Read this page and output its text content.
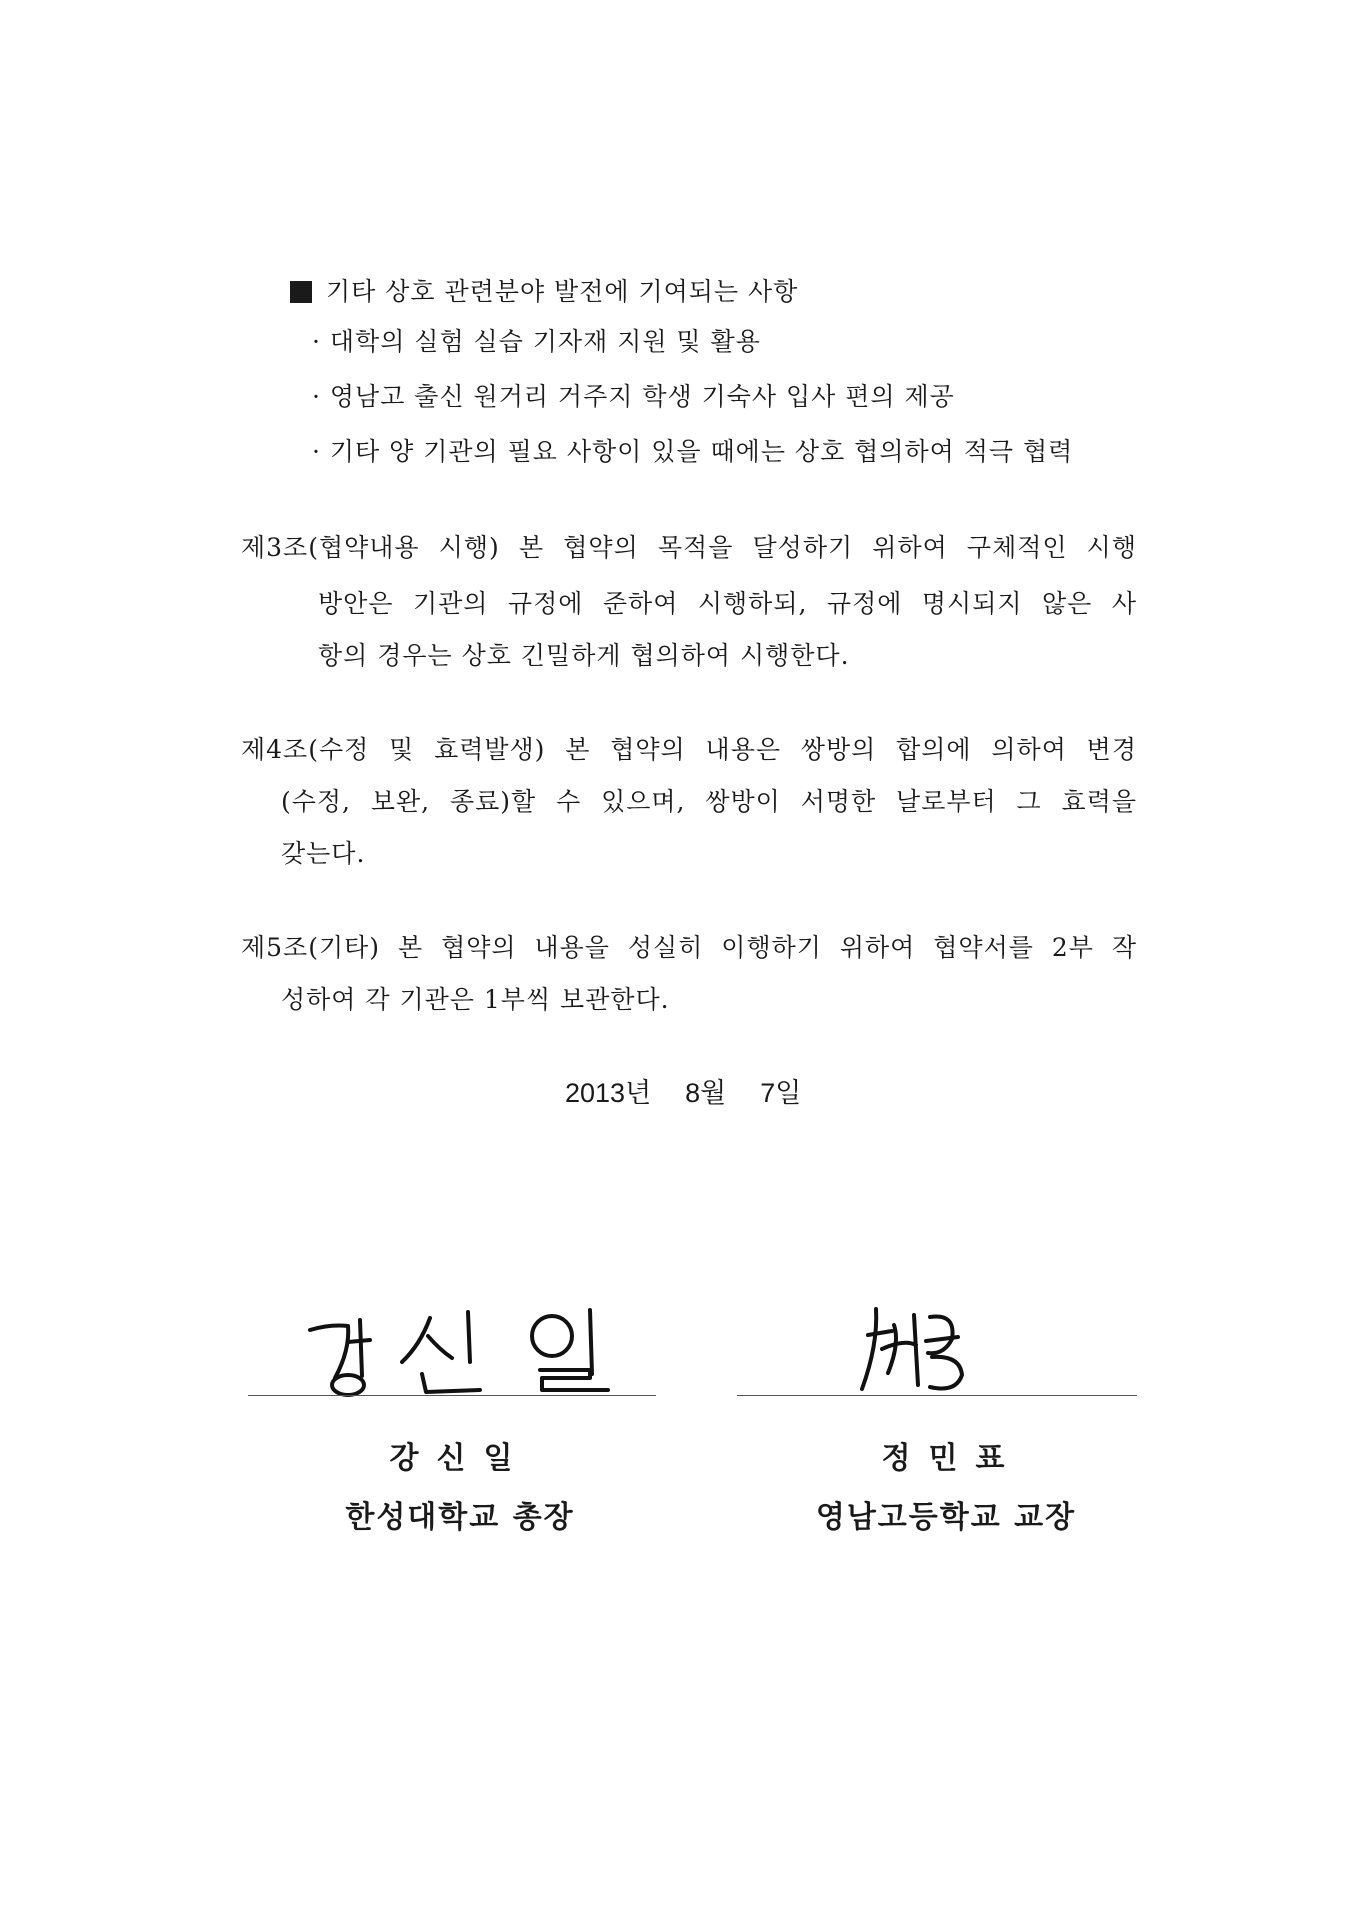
기타 상호 관련분야 발전에 기여되는 사항
· 대학의 실험 실습 기자재 지원 및 활용
· 영남고 출신 원거리 거주지 학생 기숙사 입사 편의 제공
· 기타 양 기관의 필요 사항이 있을 때에는 상호 협의하여 적극 협력
제3조(협약내용 시행) 본 협약의 목적을 달성하기 위하여 구체적인 시행
방안은 기관의 규정에 준하여 시행하되, 규정에 명시되지 않은 사
항의 경우는 상호 긴밀하게 협의하여 시행한다.
제4조(수정 및 효력발생) 본 협약의 내용은 쌍방의 합의에 의하여 변경
(수정, 보완, 종료)할 수 있으며, 쌍방이 서명한 날로부터 그 효력을
갖는다.
제5조(기타) 본 협약의 내용을 성실히 이행하기 위하여 협약서를 2부 작
성하여 각 기관은 1부씩 보관한다.
2013년 8월 7일
강신일
한성대학교 총장
정민표
영남고등학교 교장
